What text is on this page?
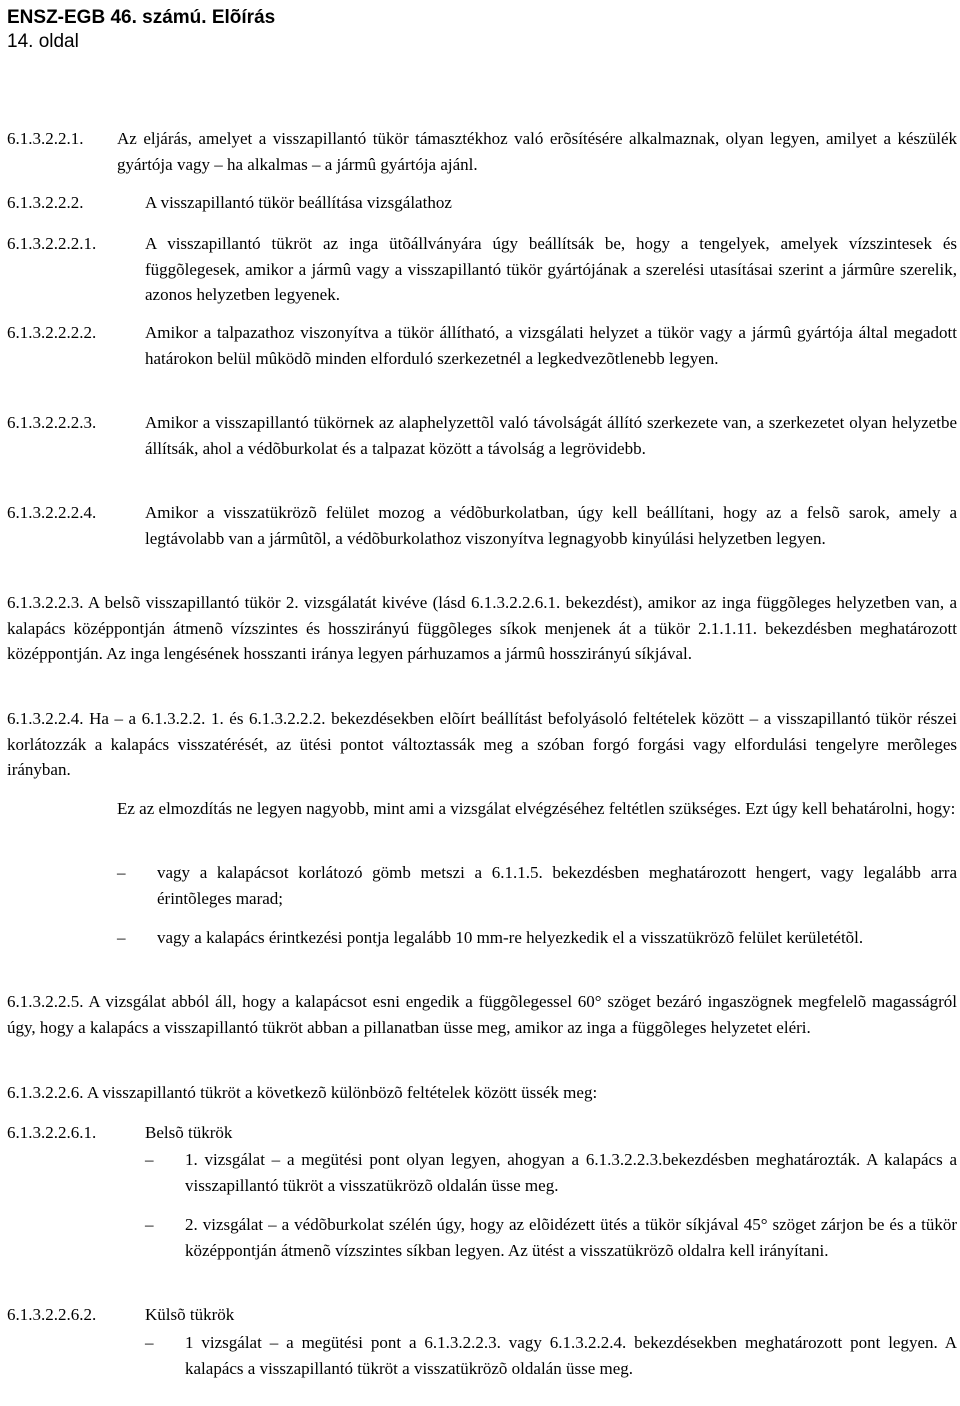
ENSZ-EGB 46. számú. Elõírás
14. oldal
6.1.3.2.2.1. Az eljárás, amelyet a visszapillantó tükör támasztékhoz való erõsítésére alkalmaznak, olyan legyen, amilyet a készülék gyártója vagy – ha alkalmas – a jármû gyártója ajánl.
6.1.3.2.2.2.	A visszapillantó tükör beállítása vizsgálathoz
6.1.3.2.2.2.1.	A visszapillantó tükröt az inga ütõállványára úgy beállítsák be, hogy a tengelyek, amelyek vízszintesek és függõlegesek, amikor a jármû vagy a visszapillantó tükör gyártójának a szerelési utasításai szerint a jármûre szerelik, azonos helyzetben legyenek.
6.1.3.2.2.2.2.	Amikor a talpazathoz viszonyítva a tükör állítható, a vizsgálati helyzet a tükör vagy a jármû gyártója által megadott határokon belül mûködõ minden elforduló szerkezetnél a legkedvezõtlenebb legyen.
6.1.3.2.2.2.3.	Amikor a visszapillantó tükörnek az alaphelyzettõl való távolságát állító szerkezete van, a szerkezetet olyan helyzetbe állítsák, ahol a védõburkolat és a talpazat között a távolság a legrövidebb.
6.1.3.2.2.2.4.	Amikor a visszatükrözõ felület mozog a védõburkolatban, úgy kell beállítani, hogy az a felsõ sarok, amely a legtávolabb van a jármûtõl, a védõburkolathoz viszonyítva legnagyobb kinyúlási helyzetben legyen.
6.1.3.2.2.3. A belsõ visszapillantó tükör 2. vizsgálatát kivéve (lásd 6.1.3.2.2.6.1. bekezdést), amikor az inga függõleges helyzetben van, a kalapács középpontján átmenõ vízszintes és hosszirányú függõleges síkok menjenek át a tükör 2.1.1.11. bekezdésben meghatározott középpontján. Az inga lengésének hosszanti iránya legyen párhuzamos a jármû hosszirányú síkjával.
6.1.3.2.2.4. Ha – a 6.1.3.2.2. 1. és 6.1.3.2.2.2. bekezdésekben elõírt beállítást befolyásoló feltételek között – a visszapillantó tükör részei korlátozzák a kalapács visszatérését, az ütési pontot változtassák meg a szóban forgó forgási vagy elfordulási tengelyre merõleges irányban.
Ez az elmozdítás ne legyen nagyobb, mint ami a vizsgálat elvégzéséhez feltétlen szükséges. Ezt úgy kell behatárolni, hogy:
– vagy a kalapácsot korlátozó gömb metszi a 6.1.1.5. bekezdésben meghatározott hengert, vagy legalább arra érintõleges marad;
– vagy a kalapács érintkezési pontja legalább 10 mm-re helyezkedik el a visszatükrözõ felület kerületétõl.
6.1.3.2.2.5. A vizsgálat abból áll, hogy a kalapácsot esni engedik a függõlegessel 60° szöget bezáró ingaszögnek megfelelõ magasságról úgy, hogy a kalapács a visszapillantó tükröt abban a pillanatban üsse meg, amikor az inga a függõleges helyzetet eléri.
6.1.3.2.2.6. A visszapillantó tükröt a következõ különbözõ feltételek között üssék meg:
6.1.3.2.2.6.1.	Belsõ tükrök
– 1. vizsgálat – a megütési pont olyan legyen, ahogyan a 6.1.3.2.2.3.bekezdésben meghatározták. A kalapács a visszapillantó tükröt a visszatükrözõ oldalán üsse meg.
– 2. vizsgálat – a védõburkolat szélén úgy, hogy az elõidézett ütés a tükör síkjával 45° szöget zárjon be és a tükör középpontján átmenõ vízszintes síkban legyen. Az ütést a visszatükrözõ oldalra kell irányítani.
6.1.3.2.2.6.2.	Külsõ tükrök
– 1 vizsgálat – a megütési pont a 6.1.3.2.2.3. vagy 6.1.3.2.2.4. bekezdésekben meghatározott pont legyen. A kalapács a visszapillantó tükröt a visszatükrözõ oldalán üsse meg.
